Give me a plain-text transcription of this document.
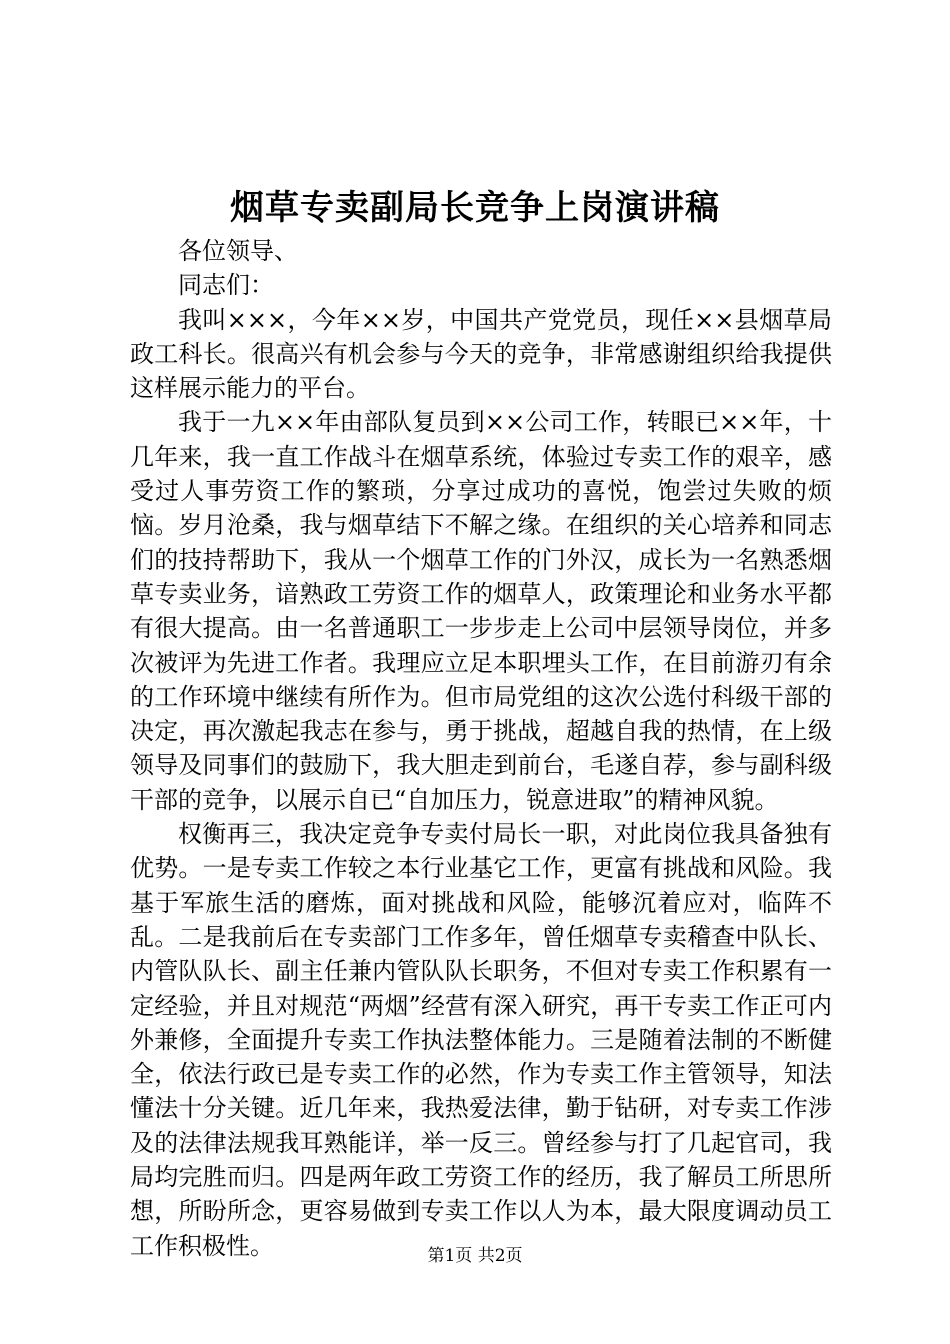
烟草专卖副局长竞争上岗演讲稿

各位领导、

同志们：

我叫×××，今年××岁，中国共产党党员，现任××县烟草局政工科长。很高兴有机会参与今天的竞争，非常感谢组织给我提供这样展示能力的平台。

我于一九××年由部队复员到××公司工作，转眼已××年，十几年来，我一直工作战斗在烟草系统，体验过专卖工作的艰辛，感受过人事劳资工作的繁琐，分享过成功的喜悦，饱尝过失败的烦恼。岁月沧桑，我与烟草结下不解之缘。在组织的关心培养和同志们的技持帮助下，我从一个烟草工作的门外汉，成长为一名熟悉烟草专卖业务，谙熟政工劳资工作的烟草人，政策理论和业务水平都有很大提高。由一名普通职工一步步走上公司中层领导岗位，并多次被评为先进工作者。我理应立足本职埋头工作，在目前游刃有余的工作环境中继续有所作为。但市局党组的这次公选付科级干部的决定，再次激起我志在参与，勇于挑战，超越自我的热情，在上级领导及同事们的鼓励下，我大胆走到前台，毛遂自荐，参与副科级干部的竞争，以展示自已“自加压力，锐意进取”的精神风貌。

权衡再三，我决定竞争专卖付局长一职，对此岗位我具备独有优势。一是专卖工作较之本行业基它工作，更富有挑战和风险。我基于军旅生活的磨炼，面对挑战和风险，能够沉着应对，临阵不乱。二是我前后在专卖部门工作多年，曾任烟草专卖稽查中队长、内管队队长、副主任兼内管队队长职务，不但对专卖工作积累有一定经验，并且对规范“两烟”经营有深入研究，再干专卖工作正可内外兼修，全面提升专卖工作执法整体能力。三是随着法制的不断健全，依法行政已是专卖工作的必然，作为专卖工作主管领导，知法懂法十分关键。近几年来，我热爱法律，勤于钻研，对专卖工作涉及的法律法规我耳熟能详，举一反三。曾经参与打了几起官司，我局均完胜而归。四是两年政工劳资工作的经历，我了解员工所思所想，所盼所念，更容易做到专卖工作以人为本，最大限度调动员工工作积极性。	第1页 共2页
